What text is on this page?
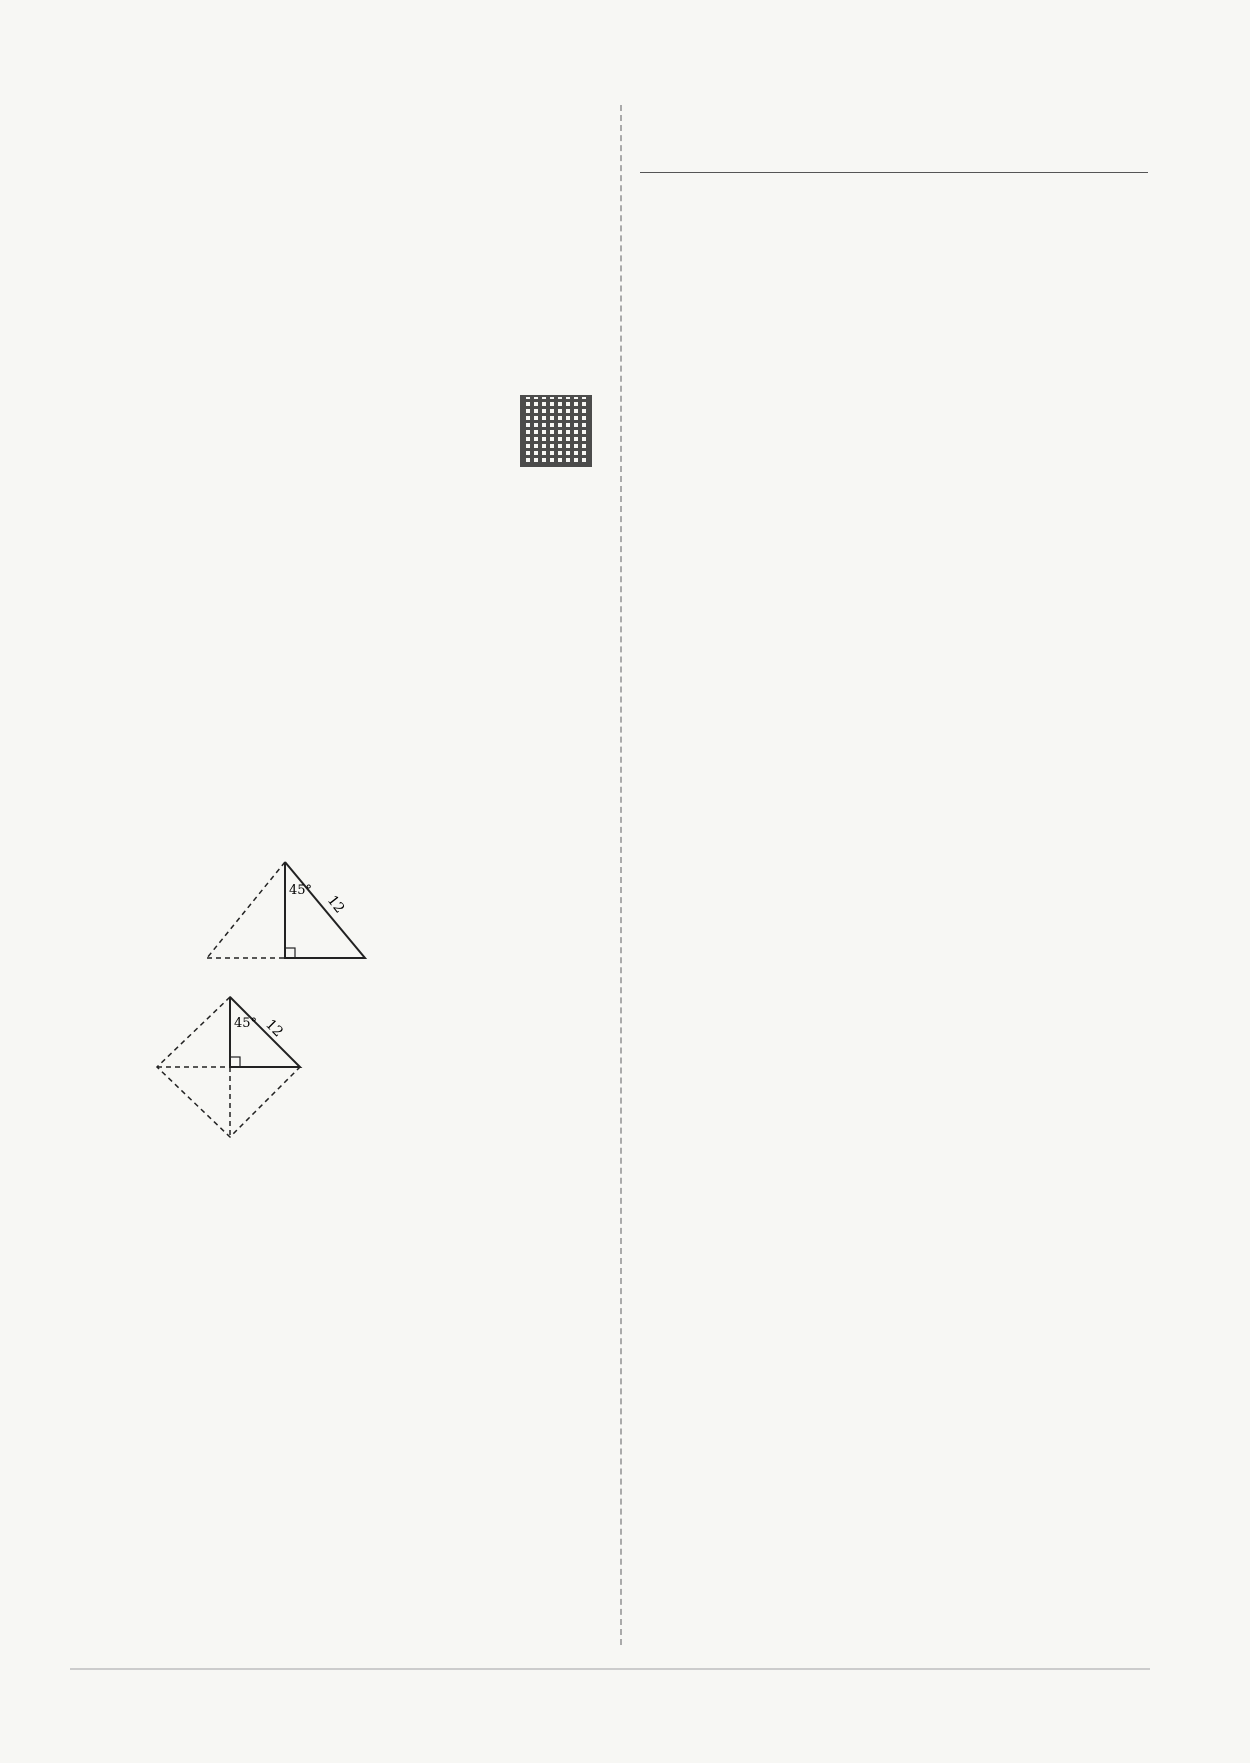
45°
12
45° 12
